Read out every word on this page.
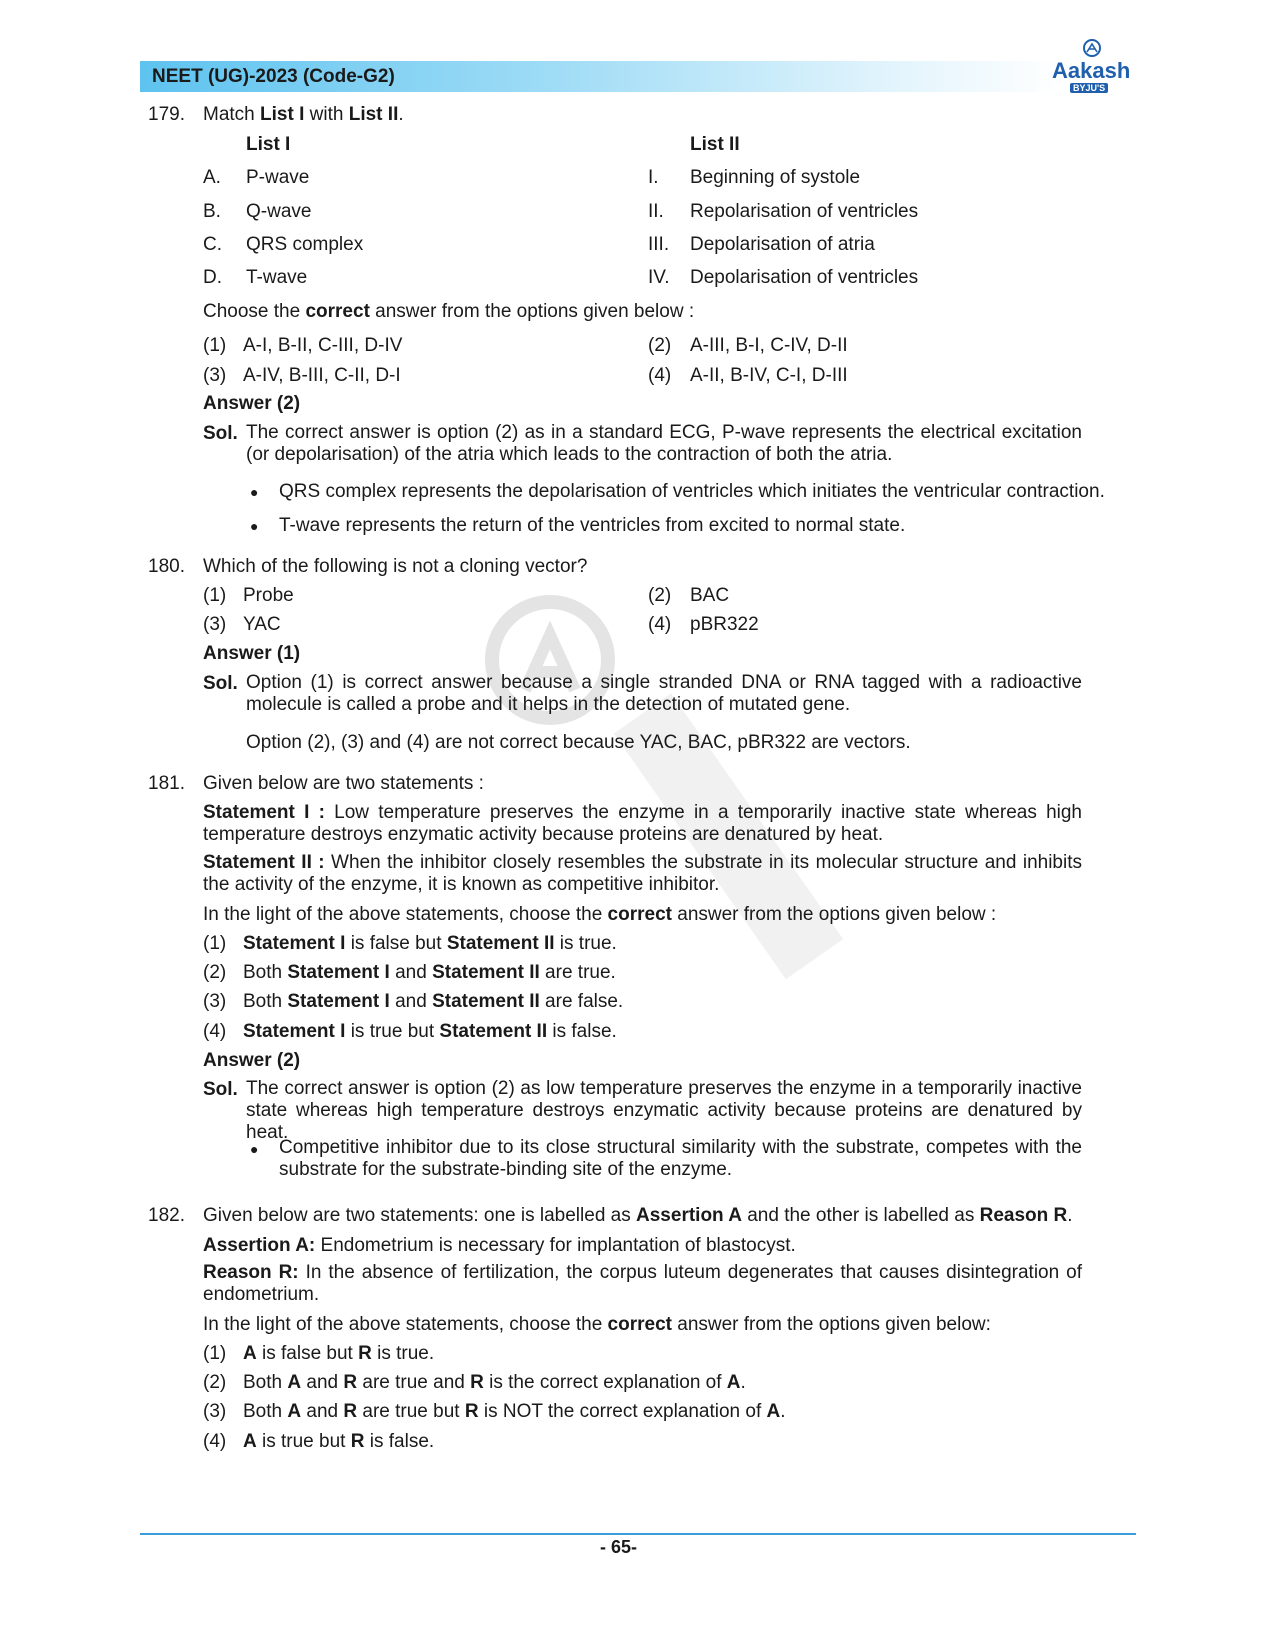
NEET (UG)-2023 (Code-G2)	Aakash
BYJU'S
179. Match List I with List II.
List I	List II
A. P-wave	I. Beginning of systole
B. Q-wave	II. Repolarisation of ventricles
C. QRS complex	III. Depolarisation of atria
D. T-wave	IV. Depolarisation of ventricles
Choose the correct answer from the options given below :
(1) A-I, B-II, C-III, D-IV	(2) A-III, B-I, C-IV, D-II
(3) A-IV, B-III, C-II, D-I	(4) A-II, B-IV, C-I, D-III
Answer (2)
Sol. The correct answer is option (2) as in a standard ECG, P-wave represents the electrical excitation (or depolarisation) of the atria which leads to the contraction of both the atria.
● QRS complex represents the depolarisation of ventricles which initiates the ventricular contraction.
● T-wave represents the return of the ventricles from excited to normal state.
180. Which of the following is not a cloning vector?
(1) Probe	(2) BAC
(3) YAC	(4) pBR322
Answer (1)
Sol. Option (1) is correct answer because a single stranded DNA or RNA tagged with a radioactive molecule is called a probe and it helps in the detection of mutated gene.
Option (2), (3) and (4) are not correct because YAC, BAC, pBR322 are vectors.
181. Given below are two statements :
Statement I : Low temperature preserves the enzyme in a temporarily inactive state whereas high temperature destroys enzymatic activity because proteins are denatured by heat.
Statement II : When the inhibitor closely resembles the substrate in its molecular structure and inhibits the activity of the enzyme, it is known as competitive inhibitor.
In the light of the above statements, choose the correct answer from the options given below :
(1) Statement I is false but Statement II is true.
(2) Both Statement I and Statement II are true.
(3) Both Statement I and Statement II are false.
(4) Statement I is true but Statement II is false.
Answer (2)
Sol. The correct answer is option (2) as low temperature preserves the enzyme in a temporarily inactive state whereas high temperature destroys enzymatic activity because proteins are denatured by heat.
● Competitive inhibitor due to its close structural similarity with the substrate, competes with the substrate for the substrate-binding site of the enzyme.
182. Given below are two statements: one is labelled as Assertion A and the other is labelled as Reason R.
Assertion A: Endometrium is necessary for implantation of blastocyst.
Reason R: In the absence of fertilization, the corpus luteum degenerates that causes disintegration of endometrium.
In the light of the above statements, choose the correct answer from the options given below:
(1) A is false but R is true.
(2) Both A and R are true and R is the correct explanation of A.
(3) Both A and R are true but R is NOT the correct explanation of A.
(4) A is true but R is false.
- 65-
